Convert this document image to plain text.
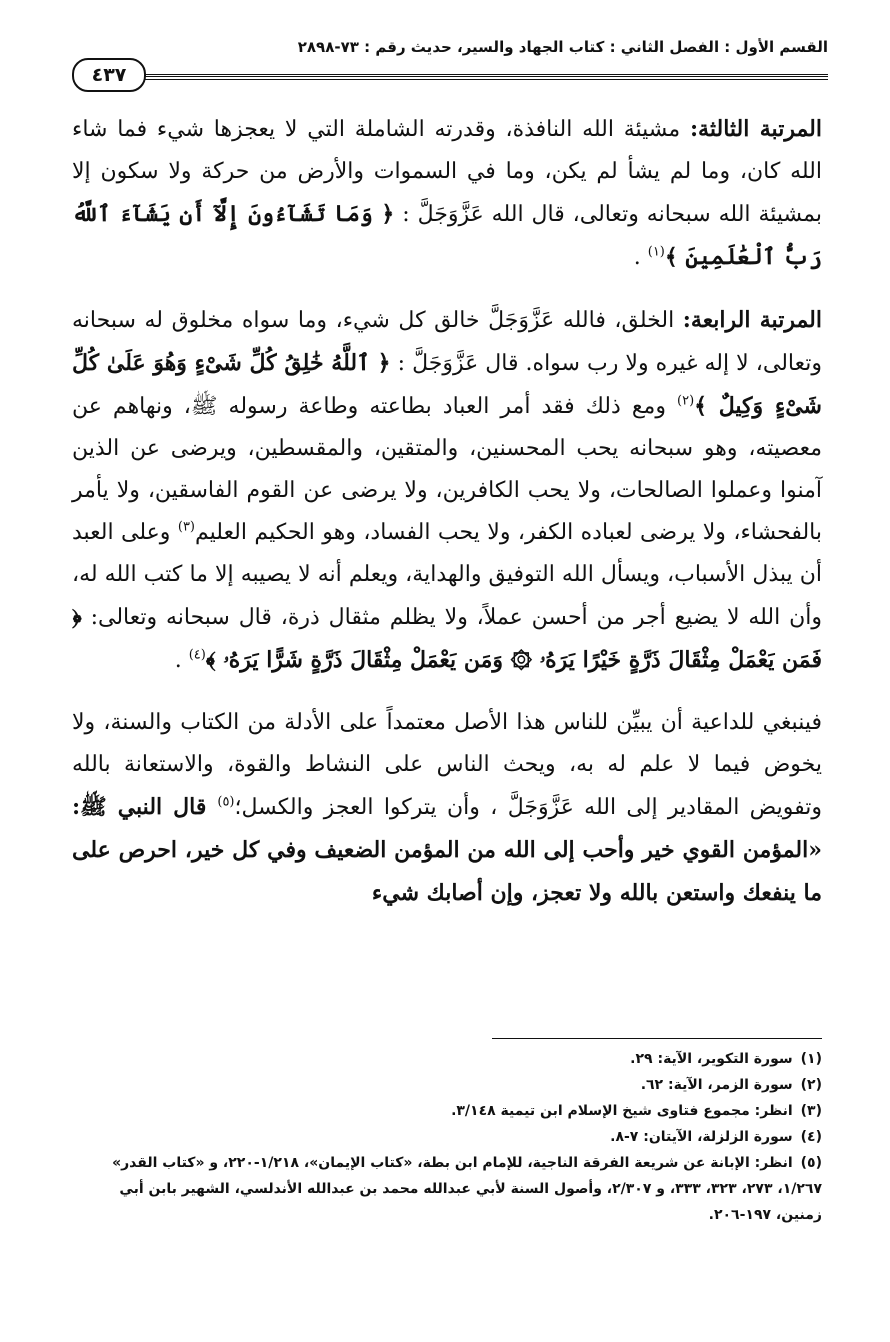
القسم الأول : الفصل الثاني : كتاب الجهاد والسير، حديث رقم : ٧٣-٢٨٩٨
٤٣٧

المرتبة الثالثة: مشيئة الله النافذة، وقدرته الشاملة التي لا يعجزها شيء فما شاء الله كان، وما لم يشأ لم يكن، وما في السموات والأرض من حركة ولا سكون إلا بمشيئة الله سبحانه وتعالى، قال الله عَزَّوَجَلَّ : ﴿ وَمَا تَشَآءُونَ إِلَّآ أَن يَشَآءَ ٱللَّهُ رَبُّ ٱلْعَٰلَمِينَ ﴾$^{(١)}$ .

المرتبة الرابعة: الخلق، فالله عَزَّوَجَلَّ خالق كل شيء، وما سواه مخلوق له سبحانه وتعالى، لا إله غيره ولا رب سواه. قال عَزَّوَجَلَّ : ﴿ ٱللَّهُ خَٰلِقُ كُلِّ شَىْءٍ وَهُوَ عَلَىٰ كُلِّ شَىْءٍ وَكِيلٌ ﴾$^{(٢)}$ ومع ذلك فقد أمر العباد بطاعته وطاعة رسوله ﷺ، ونهاهم عن معصيته، وهو سبحانه يحب المحسنين، والمتقين، والمقسطين، ويرضى عن الذين آمنوا وعملوا الصالحات، ولا يحب الكافرين، ولا يرضى عن القوم الفاسقين، ولا يأمر بالفحشاء، ولا يرضى لعباده الكفر، ولا يحب الفساد، وهو الحكيم العليم$^{(٣)}$ وعلى العبد أن يبذل الأسباب، ويسأل الله التوفيق والهداية، ويعلم أنه لا يصيبه إلا ما كتب الله له، وأن الله لا يضيع أجر من أحسن عملاً، ولا يظلم مثقال ذرة، قال سبحانه وتعالى: ﴿ فَمَن يَعْمَلْ مِثْقَالَ ذَرَّةٍ خَيْرًا يَرَهُۥ ۞ وَمَن يَعْمَلْ مِثْقَالَ ذَرَّةٍ شَرًّا يَرَهُۥ ﴾$^{(٤)}$ .

فينبغي للداعية أن يبيِّن للناس هذا الأصل معتمداً على الأدلة من الكتاب والسنة، ولا يخوض فيما لا علم له به، ويحث الناس على النشاط والقوة، والاستعانة بالله وتفويض المقادير إلى الله عَزَّوَجَلَّ ، وأن يتركوا العجز والكسل؛$^{(٥)}$ قال النبي ﷺ: «المؤمن القوي خير وأحب إلى الله من المؤمن الضعيف وفي كل خير، احرص على ما ينفعك واستعن بالله ولا تعجز، وإن أصابك شيء

(١)سورة التكوير، الآية: ٢٩.

(٢)سورة الزمر، الآية: ٦٢.

(٣)انظر: مجموع فتاوى شيخ الإسلام ابن تيمية ٣/١٤٨.

(٤)سورة الزلزلة، الآيتان: ٧-٨.

(٥)انظر: الإبانة عن شريعة الفرقة الناجية، للإمام ابن بطة، «كتاب الإيمان»، ١/٢١٨-٢٢٠، و «كتاب القدر» ١/٢٦٧، ٢٧٣، ٣٢٣، ٣٣٣، و ٢/٣٠٧، وأصول السنة لأبي عبدالله محمد بن عبدالله الأندلسي، الشهير بابن أبي زمنين، ١٩٧-٢٠٦.
